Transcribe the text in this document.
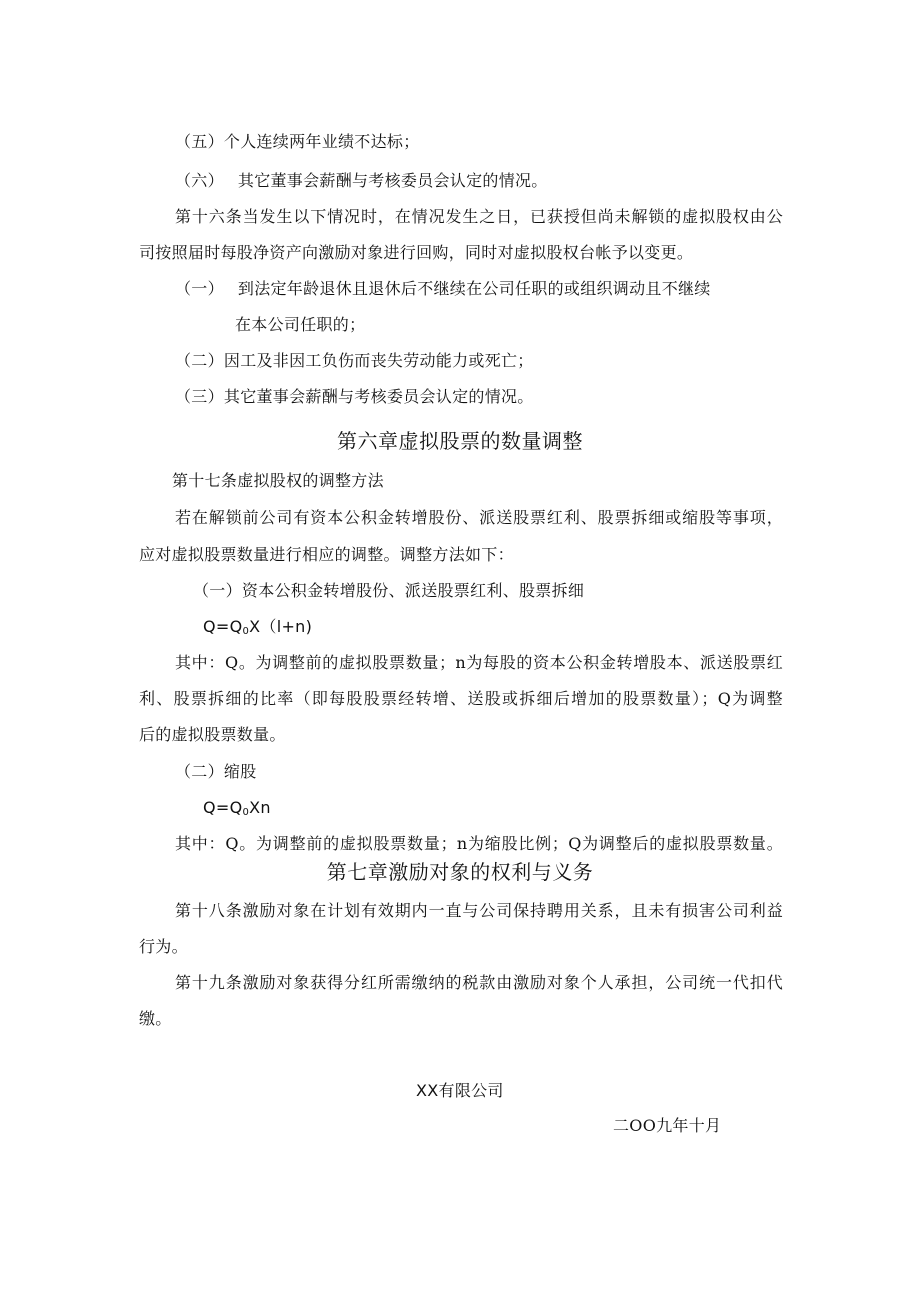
（五）个人连续两年业绩不达标；
（六） 其它董事会薪酬与考核委员会认定的情况。
第十六条当发生以下情况时，在情况发生之日，已获授但尚未解锁的虚拟股权由公
司按照届时每股净资产向激励对象进行回购，同时对虚拟股权台帐予以变更。
（一） 到法定年龄退休且退休后不继续在公司任职的或组织调动且不继续
在本公司任职的；
（二）因工及非因工负伤而丧失劳动能力或死亡；
（三）其它董事会薪酬与考核委员会认定的情况。
第六章虚拟股票的数量调整
第十七条虚拟股权的调整方法
若在解锁前公司有资本公积金转增股份、派送股票红利、股票拆细或缩股等事项，
应对虚拟股票数量进行相应的调整。调整方法如下：
（一）资本公积金转增股份、派送股票红利、股票拆细
$Q=Q_0X(l+n)$
其中：Q。为调整前的虚拟股票数量；n为每股的资本公积金转增股本、派送股票红
利、股票拆细的比率（即每股股票经转增、送股或拆细后增加的股票数量）；Q为调整
后的虚拟股票数量。
（二）缩股
$Q=Q_0Xn$
其中：Q。为调整前的虚拟股票数量；n为缩股比例；Q为调整后的虚拟股票数量。
第七章激励对象的权利与义务
第十八条激励对象在计划有效期内一直与公司保持聘用关系，且未有损害公司利益
行为。
第十九条激励对象获得分红所需缴纳的税款由激励对象个人承担，公司统一代扣代
缴。
XX有限公司
二OO九年十月
